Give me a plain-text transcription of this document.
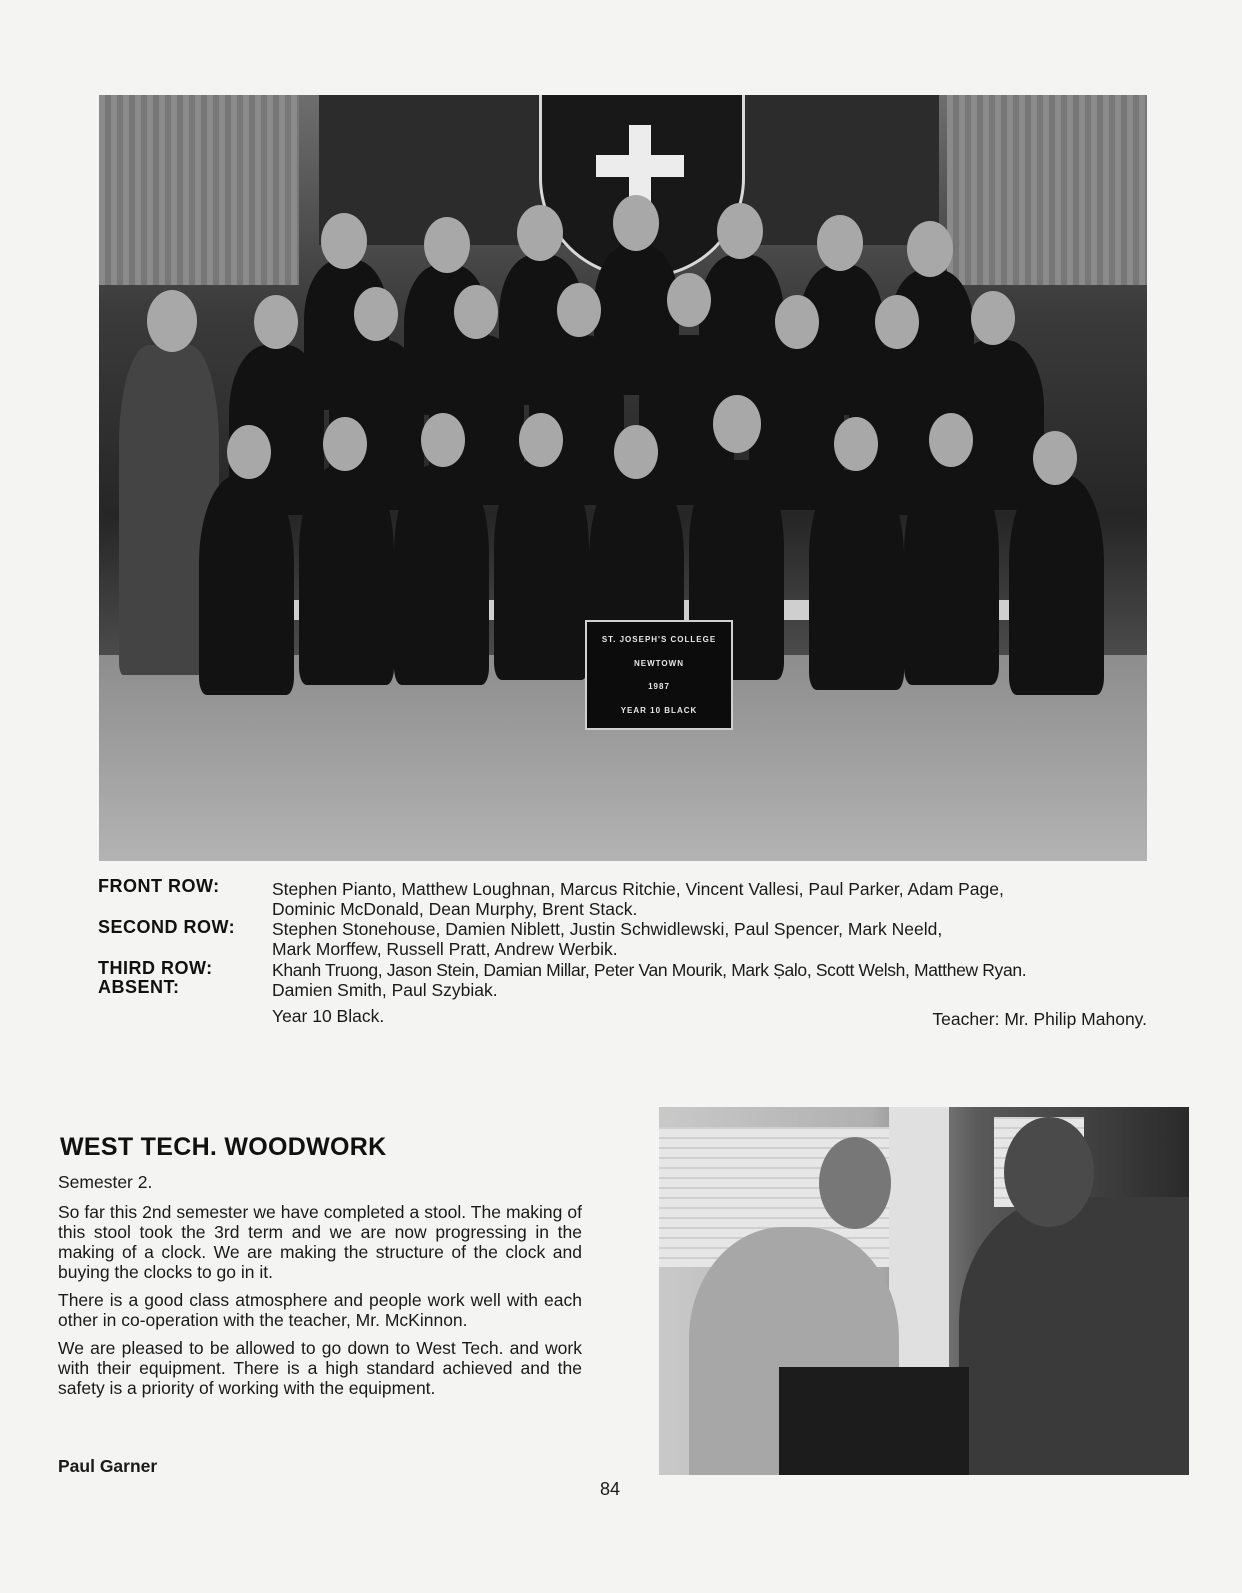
ST. JOSEPH'S COLLEGE
NEWTOWN
1987
YEAR 10 BLACK
FRONT ROW:	Stephen Pianto, Matthew Loughnan, Marcus Ritchie, Vincent Vallesi, Paul Parker, Adam Page,
Dominic McDonald, Dean Murphy, Brent Stack.
SECOND ROW: Stephen Stonehouse, Damien Niblett, Justin Schwidlewski, Paul Spencer, Mark Neeld,
Mark Morffew, Russell Pratt, Andrew Werbik.
THIRD ROW:	Khanh Truong, Jason Stein, Damian Millar, Peter Van Mourik, Mark Ṣalo, Scott Welsh, Matthew Ryan.
ABSENT:	Damien Smith, Paul Szybiak.
Year 10 Black.	Teacher: Mr. Philip Mahony.
WEST TECH. WOODWORK

Semester 2.

So far this 2nd semester we have completed a stool. The making of this stool took the 3rd term and we are now progressing in the making of a clock. We are making the structure of the clock and buying the clocks to go in it.

There is a good class atmosphere and people work well with each other in co-operation with the teacher, Mr. McKinnon.

We are pleased to be allowed to go down to West Tech. and work with their equipment. There is a high standard achieved and the safety is a priority of working with the equipment.

Paul Garner
84
